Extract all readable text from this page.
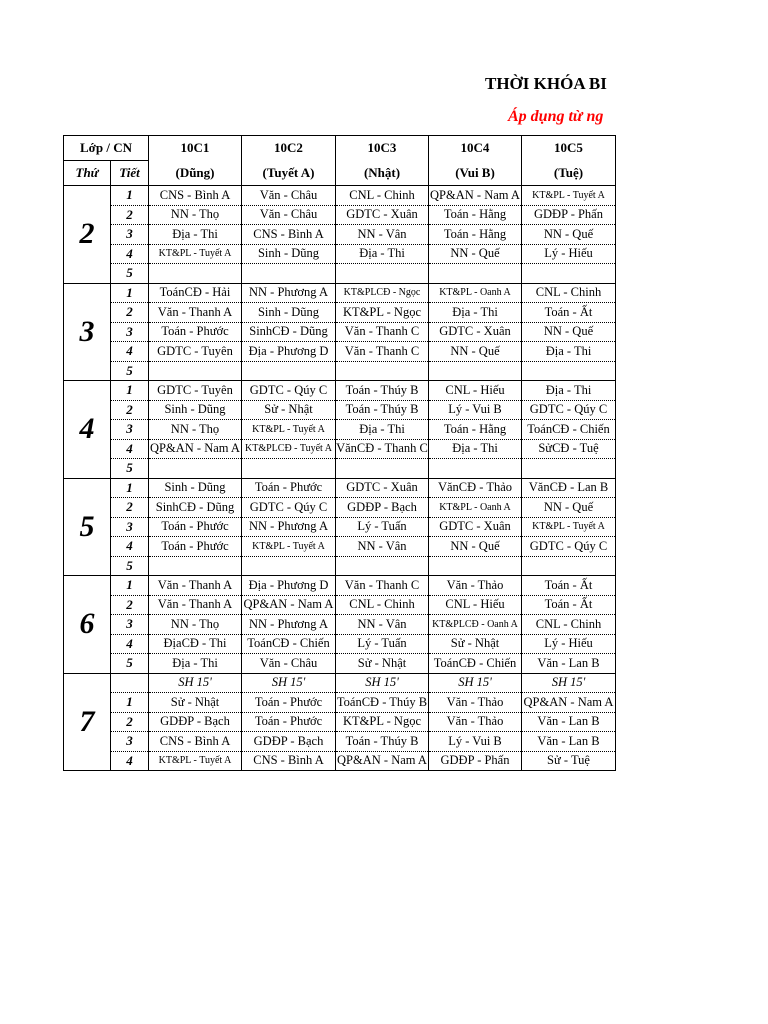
THỜI KHÓA BI
Áp dụng từ ng
Lớp / CN		10C1	10C2	10C3	10C4	10C5
Thứ	Tiết	(Dũng)	(Tuyết A)	(Nhật)	(Vui B)	(Tuệ)
2	1	CNS - Bình A	Văn - Châu	CNL - Chinh	QP&AN - Nam A	KT&PL - Tuyết A
	2	NN - Thọ	Văn - Châu	GDTC - Xuân	Toán - Hằng	GDĐP - Phấn
	3	Địa - Thi	CNS - Bình A	NN - Vân	Toán - Hằng	NN - Quế
	4	KT&PL - Tuyết A	Sinh - Dũng	Địa - Thi	NN - Quế	Lý - Hiếu
	5					
3	1	ToánCĐ - Hải	NN - Phương A	KT&PLCĐ - Ngọc	KT&PL - Oanh A	CNL - Chinh
	2	Văn - Thanh A	Sinh - Dũng	KT&PL - Ngọc	Địa - Thi	Toán - Ất
	3	Toán - Phước	SinhCĐ - Dũng	Văn - Thanh C	GDTC - Xuân	NN - Quế
	4	GDTC - Tuyên	Địa - Phương D	Văn - Thanh C	NN - Quế	Địa - Thi
	5					
4	1	GDTC - Tuyên	GDTC - Qúy C	Toán - Thúy B	CNL - Hiếu	Địa - Thi
	2	Sinh - Dũng	Sử - Nhật	Toán - Thúy B	Lý - Vui B	GDTC - Qúy C
	3	NN - Thọ	KT&PL - Tuyết A	Địa - Thi	Toán - Hằng	ToánCĐ - Chiến
	4	QP&AN - Nam A	KT&PLCĐ - Tuyết A	VănCĐ - Thanh C	Địa - Thi	SửCĐ - Tuệ
	5					
5	1	Sinh - Dũng	Toán - Phước	GDTC - Xuân	VănCĐ - Thảo	VănCĐ - Lan B
	2	SinhCĐ - Dũng	GDTC - Qúy C	GDĐP - Bạch	KT&PL - Oanh A	NN - Quế
	3	Toán - Phước	NN - Phương A	Lý - Tuấn	GDTC - Xuân	KT&PL - Tuyết A
	4	Toán - Phước	KT&PL - Tuyết A	NN - Vân	NN - Quế	GDTC - Qúy C
	5					
6	1	Văn - Thanh A	Địa - Phương D	Văn - Thanh C	Văn - Thảo	Toán - Ất
	2	Văn - Thanh A	QP&AN - Nam A	CNL - Chinh	CNL - Hiếu	Toán - Ất
	3	NN - Thọ	NN - Phương A	NN - Vân	KT&PLCĐ - Oanh A	CNL - Chinh
	4	ĐịaCĐ - Thi	ToánCĐ - Chiến	Lý - Tuấn	Sử - Nhật	Lý - Hiếu
	5	Địa - Thi	Văn - Châu	Sử - Nhật	ToánCĐ - Chiến	Văn - Lan B
7		SH 15'	SH 15'	SH 15'	SH 15'	SH 15'
	1	Sử - Nhật	Toán - Phước	ToánCĐ - Thúy B	Văn - Thảo	QP&AN - Nam A
	2	GDĐP - Bạch	Toán - Phước	KT&PL - Ngọc	Văn - Thảo	Văn - Lan B
	3	CNS - Bình A	GDĐP - Bạch	Toán - Thúy B	Lý - Vui B	Văn - Lan B
	4	KT&PL - Tuyết A	CNS - Bình A	QP&AN - Nam A	GDĐP - Phấn	Sử - Tuệ
